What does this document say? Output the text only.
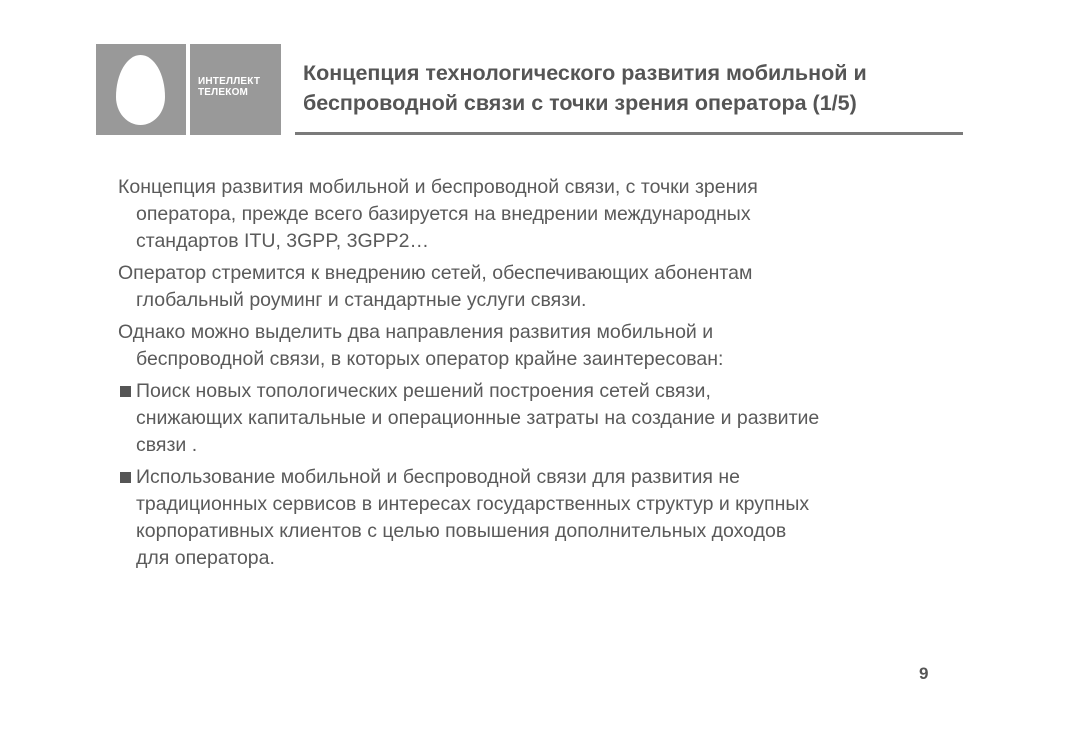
ИНТЕЛЛЕКТ
ТЕЛЕКОМ
Концепция технологического развития мобильной и
беспроводной связи с точки зрения оператора (1/5)
Концепция развития мобильной и беспроводной связи, с точки зрения
оператора, прежде всего базируется на внедрении международных
стандартов ITU, 3GPP, 3GPP2…
Оператор стремится к внедрению сетей, обеспечивающих абонентам
глобальный роуминг и стандартные услуги связи.
Однако можно выделить два направления развития мобильной и
беспроводной связи, в которых оператор крайне заинтересован:
Поиск новых топологических решений построения сетей связи,
снижающих капитальные и операционные затраты на создание и развитие
связи .
Использование мобильной и беспроводной связи для развития не
традиционных сервисов в интересах государственных структур и крупных
корпоративных клиентов с целью повышения дополнительных доходов
для оператора.
9
